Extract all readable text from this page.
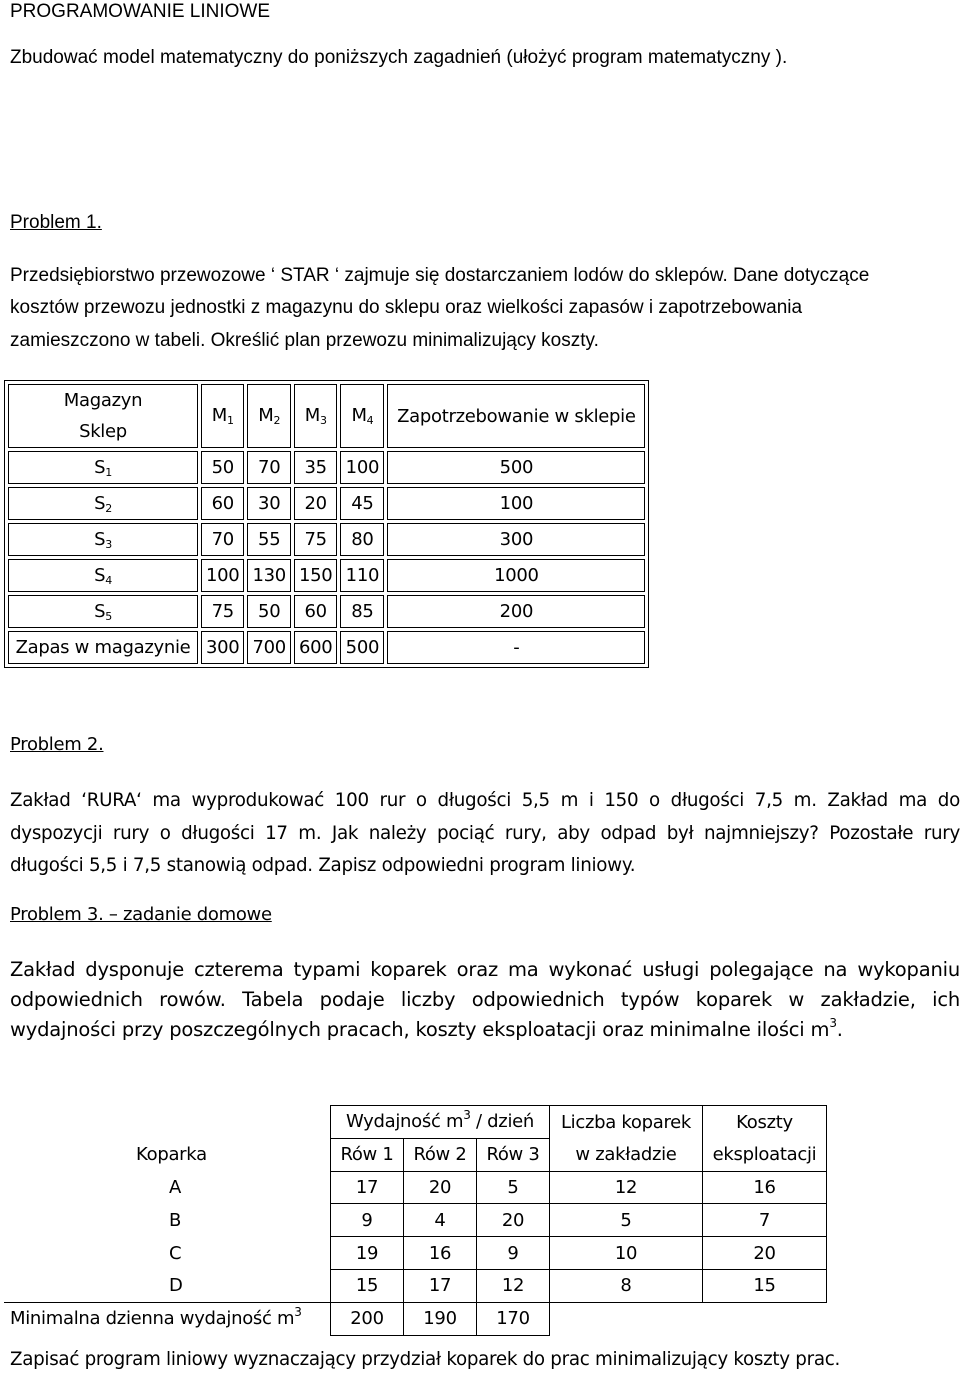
PROGRAMOWANIE LINIOWE
Zbudować model matematyczny do poniższych zagadnień (ułożyć program matematyczny ).
Problem 1.
Przedsiębiorstwo przewozowe ‘ STAR ‘ zajmuje się dostarczaniem lodów do sklepów. Dane dotyczące
kosztów przewozu jednostki z magazynu do sklepu oraz wielkości zapasów i zapotrzebowania
zamieszczono w tabeli. Określić plan przewozu minimalizujący koszty.
Magazyn
Sklep	$M_1$	$M_2$	$M_3$	$M_4$	Zapotrzebowanie w sklepie
$S_1$	50	70	35	100	500
$S_2$	60	30	20	45	100
$S_3$	70	55	75	80	300
$S_4$	100	130	150	110	1000
$S_5$	75	50	60	85	200
Zapas w magazynie	300	700	600	500	-
Problem 2.
Zakład ‘RURA‘ ma wyprodukować 100 rur o długości 5,5 m i 150 o długości 7,5 m. Zakład ma do dyspozycji rury o długości 17 m. Jak należy pociąć rury, aby odpad był najmniejszy? Pozostałe rury długości 5,5 i 7,5 stanowią odpad. Zapisz odpowiedni program liniowy.
Problem 3. – zadanie domowe
Zakład dysponuje czterema typami koparek oraz ma wykonać usługi polegające na wykopaniu odpowiednich rowów. Tabela podaje liczby odpowiednich typów koparek w zakładzie, ich wydajności przy poszczególnych pracach, koszty eksploatacji oraz minimalne ilości $m^3$.
		Wydajność $m^3$ / dzień			Liczba koparek	Koszty
	Koparka	Rów 1	Rów 2	Rów 3	w zakładzie	eksploatacji
	A	17	20	5	12	16
	B	9	4	20	5	7
	C	19	16	9	10	20
	D	15	17	12	8	15
Minimalna dzienna wydajność $m^3$		200	190	170		
Zapisać program liniowy wyznaczający przydział koparek do prac minimalizujący koszty prac.
